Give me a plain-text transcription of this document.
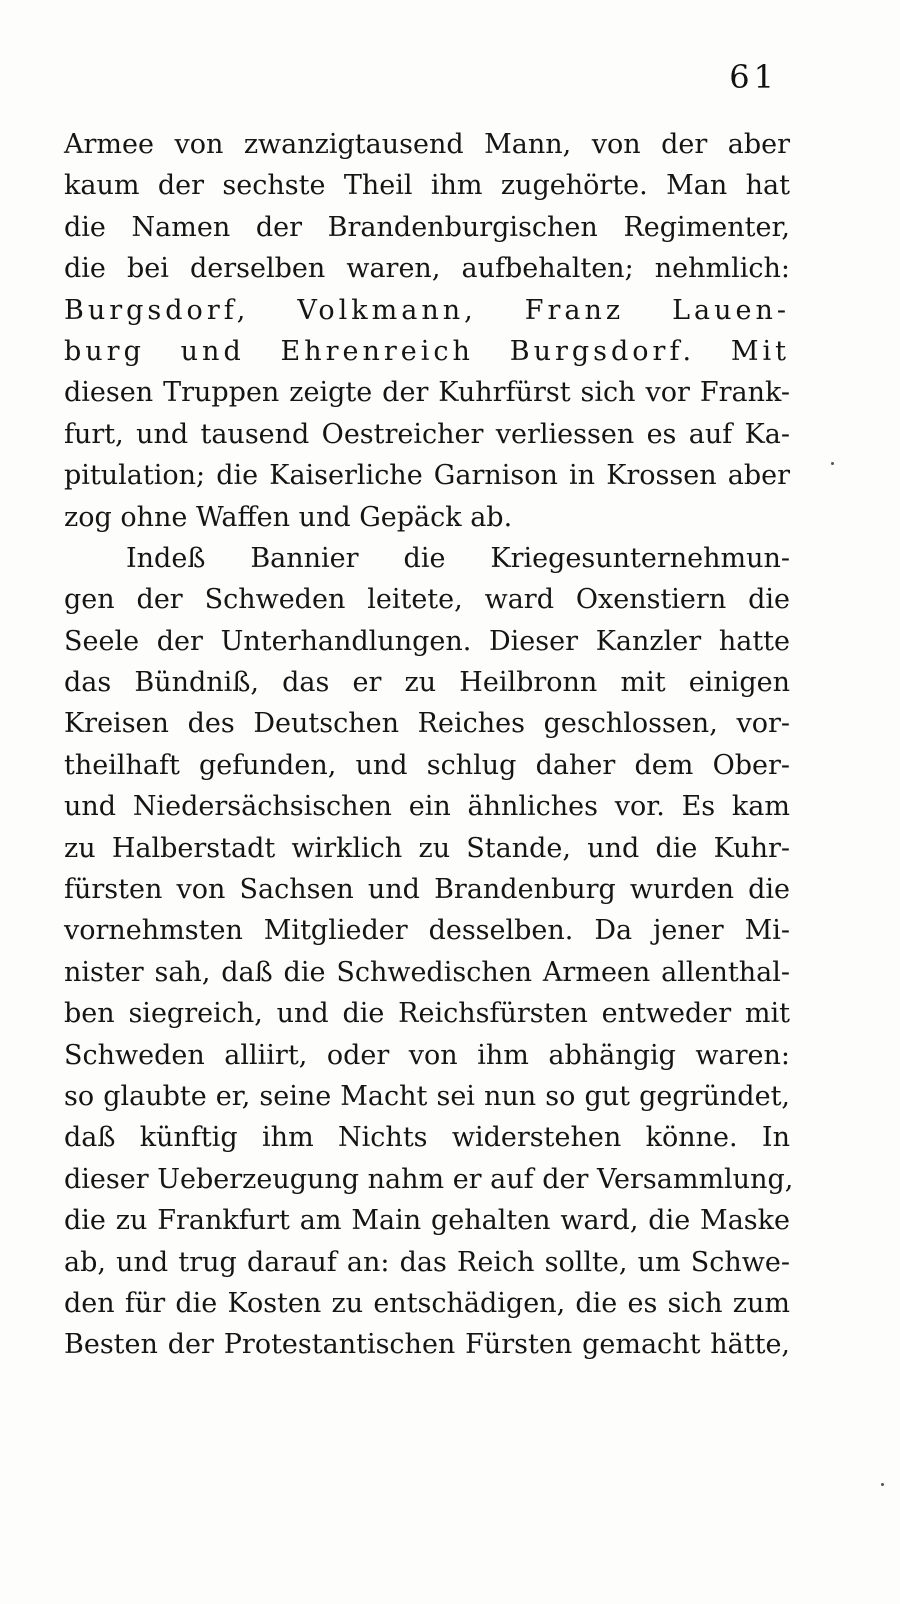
61
Armee von zwanzigtausend Mann, von der aber
kaum der sechste Theil ihm zugehörte. Man hat
die Namen der Brandenburgischen Regimenter,
die bei derselben waren, aufbehalten; nehmlich:
Burgsdorf, Volkmann, Franz Lauen-
burg und Ehrenreich Burgsdorf. Mit
diesen Truppen zeigte der Kuhrfürst sich vor Frank-
furt, und tausend Oestreicher verliessen es auf Ka-
pitulation; die Kaiserliche Garnison in Krossen aber
zog ohne Waffen und Gepäck ab.
Indeß Bannier die Kriegesunternehmun-
gen der Schweden leitete, ward Oxenstiern die
Seele der Unterhandlungen. Dieser Kanzler hatte
das Bündniß, das er zu Heilbronn mit einigen
Kreisen des Deutschen Reiches geschlossen, vor-
theilhaft gefunden, und schlug daher dem Ober-
und Niedersächsischen ein ähnliches vor. Es kam
zu Halberstadt wirklich zu Stande, und die Kuhr-
fürsten von Sachsen und Brandenburg wurden die
vornehmsten Mitglieder desselben. Da jener Mi-
nister sah, daß die Schwedischen Armeen allenthal-
ben siegreich, und die Reichsfürsten entweder mit
Schweden alliirt, oder von ihm abhängig waren:
so glaubte er, seine Macht sei nun so gut gegründet,
daß künftig ihm Nichts widerstehen könne. In
dieser Ueberzeugung nahm er auf der Versammlung,
die zu Frankfurt am Main gehalten ward, die Maske
ab, und trug darauf an: das Reich sollte, um Schwe-
den für die Kosten zu entschädigen, die es sich zum
Besten der Protestantischen Fürsten gemacht hätte,
